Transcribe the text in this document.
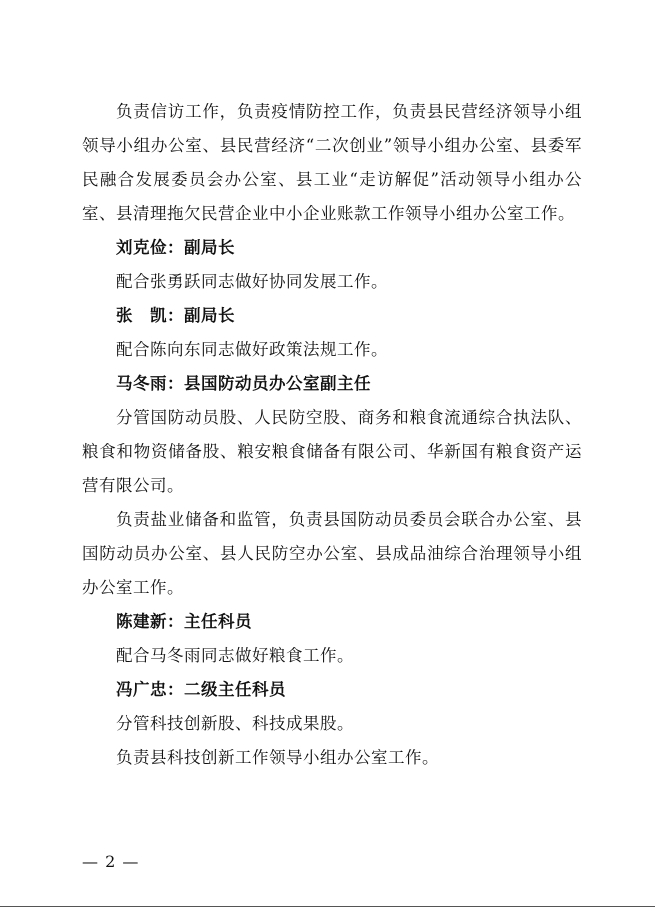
负责信访工作，负责疫情防控工作，负责县民营经济领导小组领导小组办公室、县民营经济“二次创业”领导小组办公室、县委军民融合发展委员会办公室、县工业“走访解促”活动领导小组办公室、县清理拖欠民营企业中小企业账款工作领导小组办公室工作。

刘克俭：副局长

配合张勇跃同志做好协同发展工作。

张　凯：副局长

配合陈向东同志做好政策法规工作。

马冬雨：县国防动员办公室副主任

分管国防动员股、人民防空股、商务和粮食流通综合执法队、粮食和物资储备股、粮安粮食储备有限公司、华新国有粮食资产运营有限公司。

负责盐业储备和监管，负责县国防动员委员会联合办公室、县国防动员办公室、县人民防空办公室、县成品油综合治理领导小组办公室工作。

陈建新：主任科员

配合马冬雨同志做好粮食工作。

冯广忠：二级主任科员

分管科技创新股、科技成果股。

负责县科技创新工作领导小组办公室工作。

— 2 —
